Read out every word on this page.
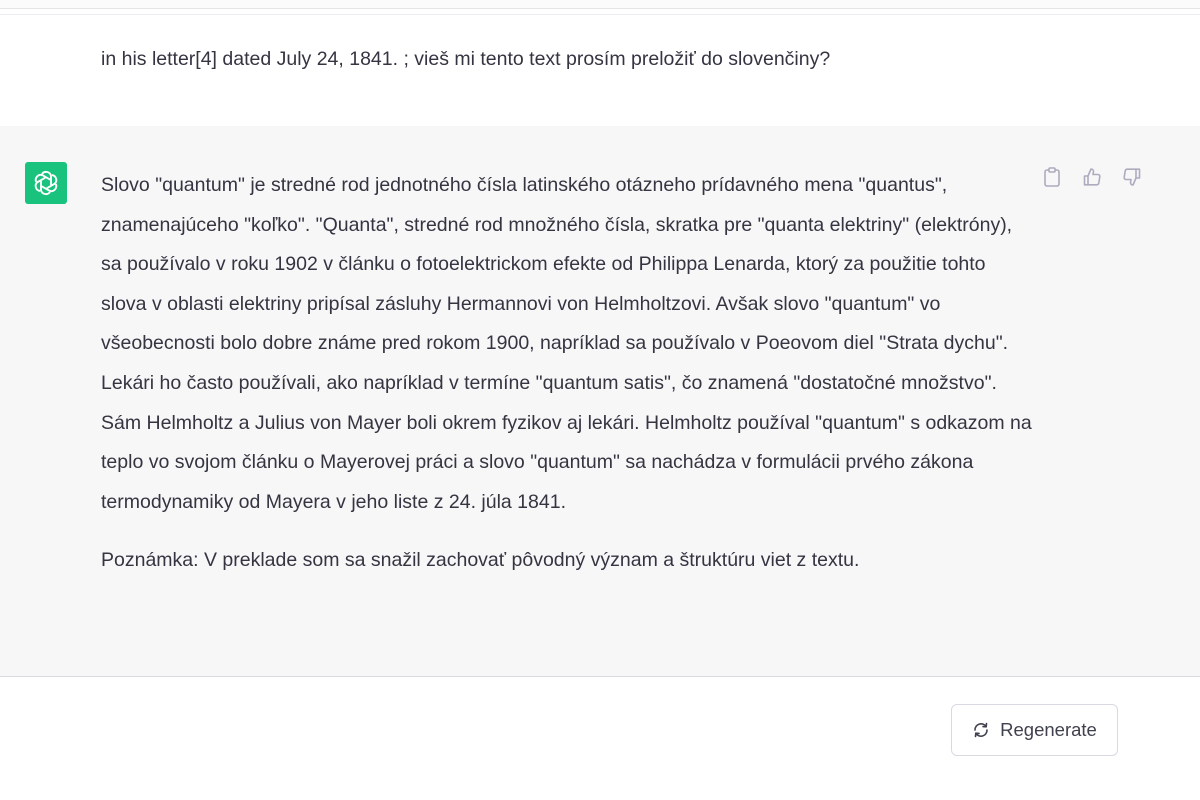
in his letter[4] dated July 24, 1841. ; vieš mi tento text prosím preložiť do slovenčiny?

Slovo "quantum" je stredné rod jednotného čísla latinského otázneho prídavného mena "quantus", znamenajúceho "koľko". "Quanta", stredné rod množného čísla, skratka pre "quanta elektriny" (elektróny), sa používalo v roku 1902 v článku o fotoelektrickom efekte od Philippa Lenarda, ktorý za použitie tohto slova v oblasti elektriny pripísal zásluhy Hermannovi von Helmholtzovi. Avšak slovo "quantum" vo všeobecnosti bolo dobre známe pred rokom 1900, napríklad sa používalo v Poeovom diel "Strata dychu". Lekári ho často používali, ako napríklad v termíne "quantum satis", čo znamená "dostatočné množstvo". Sám Helmholtz a Julius von Mayer boli okrem fyzikov aj lekári. Helmholtz používal "quantum" s odkazom na teplo vo svojom článku o Mayerovej práci a slovo "quantum" sa nachádza v formulácii prvého zákona termodynamiky od Mayera v jeho liste z 24. júla 1841.

Poznámka: V preklade som sa snažil zachovať pôvodný význam a štruktúru viet z textu.

Regenerate
